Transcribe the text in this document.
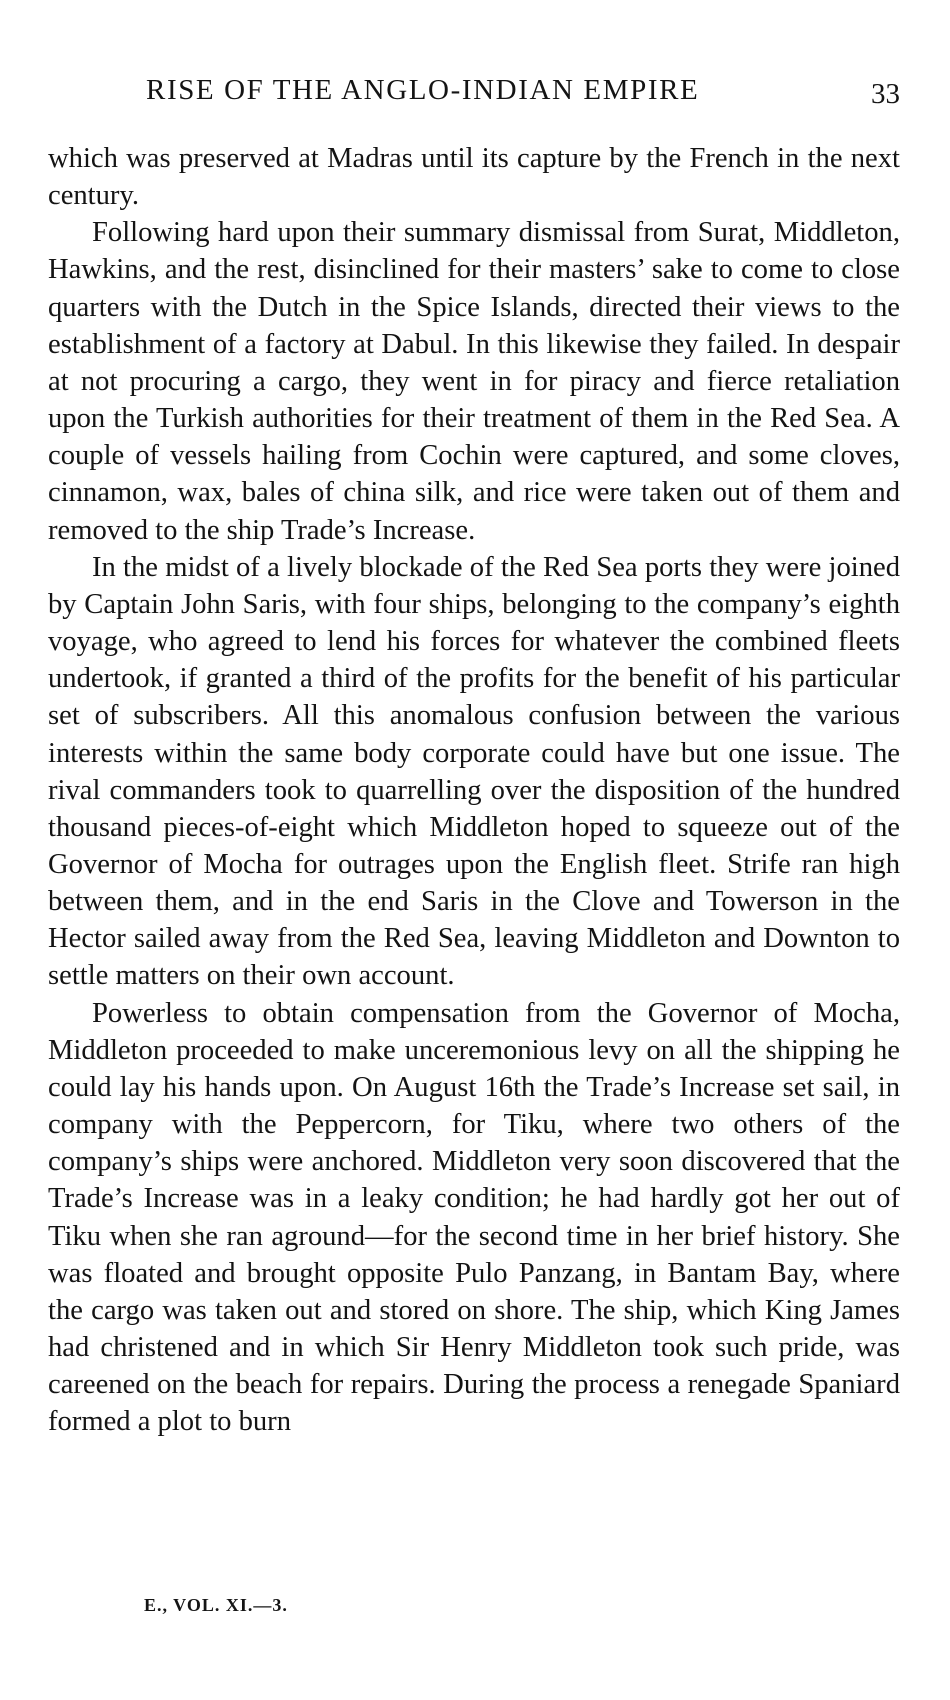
RISE OF THE ANGLO-INDIAN EMPIRE	33

which was preserved at Madras until its capture by the French in the next century.

Following hard upon their summary dismissal from Surat, Middleton, Hawkins, and the rest, disinclined for their masters’ sake to come to close quarters with the Dutch in the Spice Islands, directed their views to the establishment of a factory at Dabul. In this likewise they failed. In despair at not procuring a cargo, they went in for piracy and fierce retaliation upon the Turkish authorities for their treatment of them in the Red Sea. A couple of vessels hailing from Cochin were captured, and some cloves, cinnamon, wax, bales of china silk, and rice were taken out of them and removed to the ship Trade’s Increase.

In the midst of a lively blockade of the Red Sea ports they were joined by Captain John Saris, with four ships, belonging to the company’s eighth voyage, who agreed to lend his forces for whatever the combined fleets undertook, if granted a third of the profits for the benefit of his particular set of subscribers. All this anomalous confusion between the various interests within the same body corporate could have but one issue. The rival commanders took to quarrelling over the disposition of the hundred thousand pieces-of-eight which Middleton hoped to squeeze out of the Governor of Mocha for outrages upon the English fleet. Strife ran high between them, and in the end Saris in the Clove and Towerson in the Hector sailed away from the Red Sea, leaving Middleton and Downton to settle matters on their own account.

Powerless to obtain compensation from the Governor of Mocha, Middleton proceeded to make unceremonious levy on all the shipping he could lay his hands upon. On August 16th the Trade’s Increase set sail, in company with the Peppercorn, for Tiku, where two others of the company’s ships were anchored. Middleton very soon discovered that the Trade’s Increase was in a leaky condition; he had hardly got her out of Tiku when she ran aground—for the second time in her brief history. She was floated and brought opposite Pulo Panzang, in Bantam Bay, where the cargo was taken out and stored on shore. The ship, which King James had christened and in which Sir Henry Middleton took such pride, was careened on the beach for repairs. During the process a renegade Spaniard formed a plot to burn

E., VOL. XI.—3.
